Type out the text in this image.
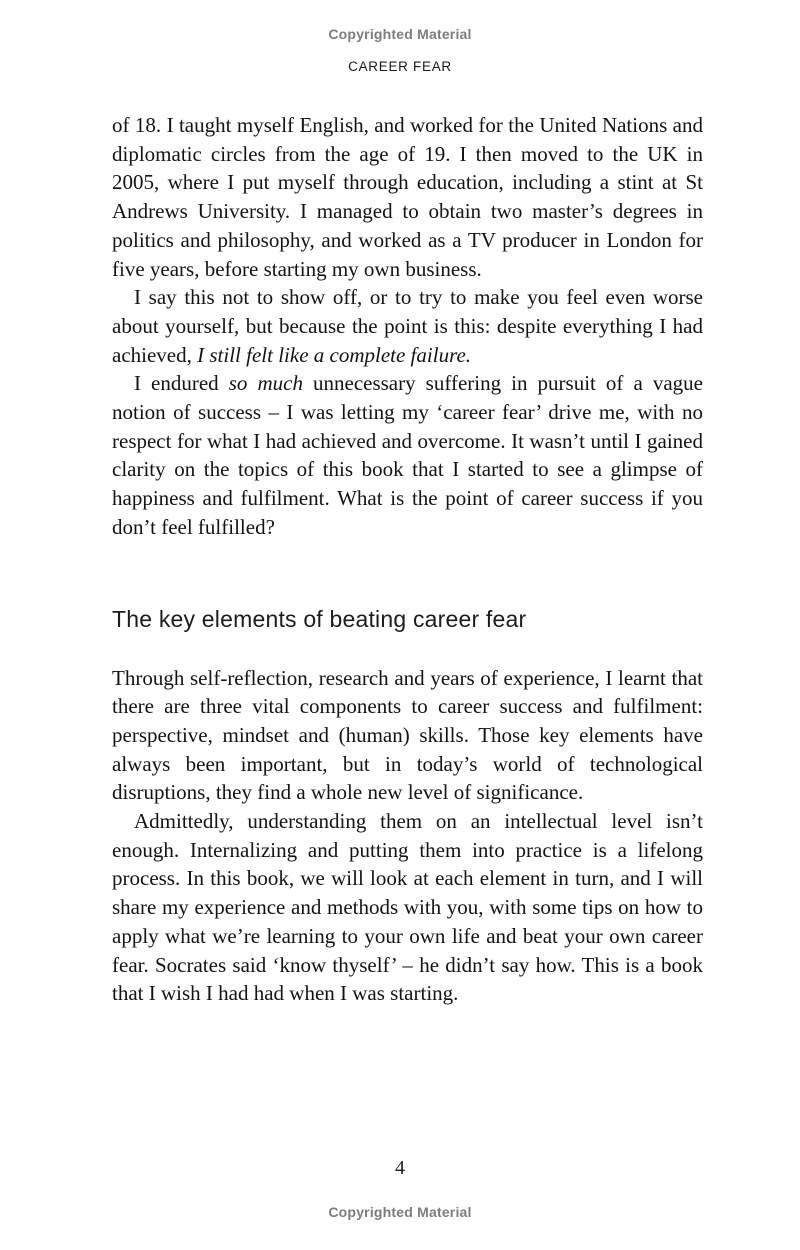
Copyrighted Material
CAREER FEAR

of 18. I taught myself English, and worked for the United Nations and diplomatic circles from the age of 19. I then moved to the UK in 2005, where I put myself through education, including a stint at St Andrews University. I managed to obtain two master’s degrees in politics and philosophy, and worked as a TV producer in London for five years, before starting my own business.

I say this not to show off, or to try to make you feel even worse about yourself, but because the point is this: despite everything I had achieved, I still felt like a complete failure.

I endured so much unnecessary suffering in pursuit of a vague notion of success – I was letting my ‘career fear’ drive me, with no respect for what I had achieved and overcome. It wasn’t until I gained clarity on the topics of this book that I started to see a glimpse of happiness and fulfilment. What is the point of career success if you don’t feel fulfilled?

The key elements of beating career fear

Through self-reflection, research and years of experience, I learnt that there are three vital components to career success and fulfilment: perspective, mindset and (human) skills. Those key elements have always been important, but in today’s world of technological disruptions, they find a whole new level of significance.

Admittedly, understanding them on an intellectual level isn’t enough. Internalizing and putting them into practice is a lifelong process. In this book, we will look at each element in turn, and I will share my experience and methods with you, with some tips on how to apply what we’re learning to your own life and beat your own career fear. Socrates said ‘know thyself’ – he didn’t say how. This is a book that I wish I had had when I was starting.

4
Copyrighted Material
